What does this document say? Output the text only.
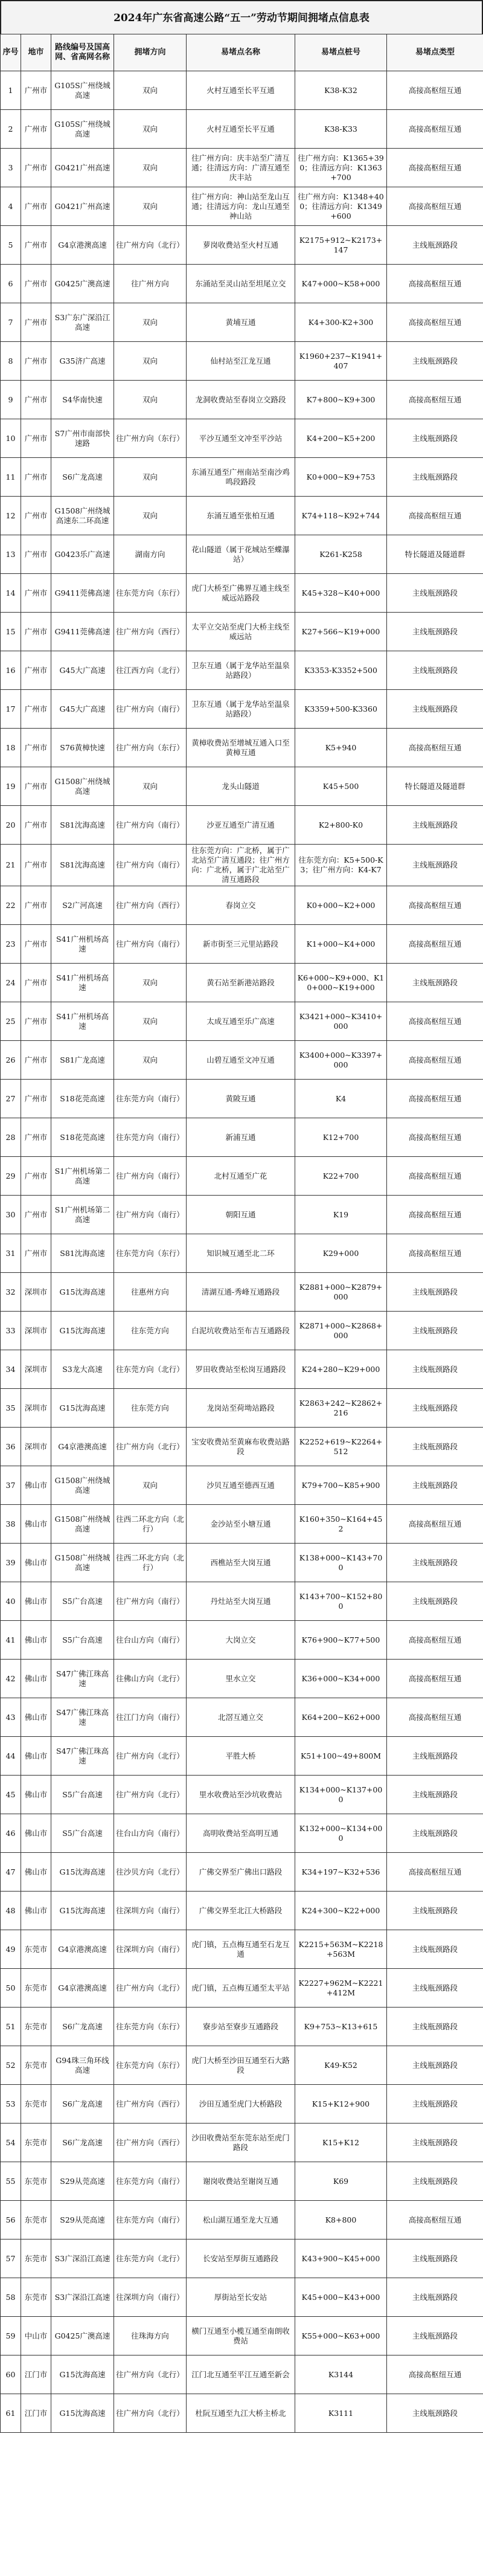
2024年广东省高速公路“五一”劳动节期间拥堵点信息表
序号	地市	路线编号及国高网、省高网名称	拥堵方向	易堵点名称	易堵点桩号	易堵点类型
1	广州市	G105S广州绕城高速	双向	火村互通至长平互通	K38-K32	高接高枢纽互通
2	广州市	G105S广州绕城高速	双向	火村互通至长平互通	K38-K33	高接高枢纽互通
3	广州市	G0421广州高速	双向	往广州方向：庆丰站至广清互通；往清远方向：广清互通至庆丰站	往广州方向：K1365+390；往清远方向：K1363+700	高接高枢纽互通
4	广州市	G0421广州高速	双向	往广州方向：神山站至龙山互通；往清远方向：龙山互通至神山站	往广州方向：K1348+400；往清远方向：K1349+600	高接高枢纽互通
5	广州市	G4京港澳高速	往广州方向（北行）	萝岗收费站至火村互通	K2175+912~K2173+147	主线瓶颈路段
6	广州市	G0425广澳高速	往广州方向	东涌站至灵山站至坦尾立交	K47+000~K58+000	高接高枢纽互通
7	广州市	S3广东广深沿江高速	双向	黄埔互通	K4+300-K2+300	高接高枢纽互通
8	广州市	G35济广高速	双向	仙村站至江龙互通	K1960+237~K1941+407	主线瓶颈路段
9	广州市	S4华南快速	双向	龙洞收费站至春岗立交路段	K7+800~K9+300	高接高枢纽互通
10	广州市	S7广州市南部快速路	往广州方向（东行）	平沙互通至文冲至平沙站	K4+200~K5+200	主线瓶颈路段
11	广州市	S6广龙高速	双向	东涌互通至广州南站至南沙鸡鸣段路段	K0+000~K9+753	主线瓶颈路段
12	广州市	G1508广州绕城高速东二环高速	双向	东涌互通至张柏互通	K74+118~K92+744	高接高枢纽互通
13	广州市	G0423乐广高速	湖南方向	花山隧道（属于花城站至蝶瀑站）	K261-K258	特长隧道及隧道群
14	广州市	G9411莞佛高速	往东莞方向（东行）	虎门大桥至广佛界互通主线至威远站路段	K45+328~K40+000	主线瓶颈路段
15	广州市	G9411莞佛高速	往广州方向（西行）	太平立交站至虎门大桥主线至威远站	K27+566~K19+000	主线瓶颈路段
16	广州市	G45大广高速	往江西方向（北行）	卫东互通（属于龙华站至温泉站路段）	K3353-K3352+500	主线瓶颈路段
17	广州市	G45大广高速	往广州方向（南行）	卫东互通（属于龙华站至温泉站路段）	K3359+500-K3360	主线瓶颈路段
18	广州市	S76黄樟快速	往广州方向（东行）	黄樟收费站至增城互通入口至黄樟互通	K5+940	高接高枢纽互通
19	广州市	G1508广州绕城高速	双向	龙头山隧道	K45+500	特长隧道及隧道群
20	广州市	S81沈海高速	往广州方向（南行）	沙亚互通至广清互通	K2+800-K0	主线瓶颈路段
21	广州市	S81沈海高速	往广州方向（南行）	往东莞方向：广北桥，属于广北站至广清互通段；往广州方向：广北桥，属于广北站至广清互通路段	往东莞方向：K5+500-K3；往广州方向：K4-K7	主线瓶颈路段
22	广州市	S2广河高速	往广州方向（西行）	春岗立交	K0+000~K2+000	高接高枢纽互通
23	广州市	S41广州机场高速	往广州方向（南行）	新市街至三元里站路段	K1+000~K4+000	高接高枢纽互通
24	广州市	S41广州机场高速	双向	黄石站至新港站路段	K6+000~K9+000、K10+000~K19+000	主线瓶颈路段
25	广州市	S41广州机场高速	双向	太成互通至乐广高速	K3421+000~K3410+000	高接高枢纽互通
26	广州市	S81广龙高速	双向	山碧互通至文冲互通	K3400+000~K3397+000	高接高枢纽互通
27	广州市	S18花莞高速	往东莞方向（南行）	黄陂互通	K4	高接高枢纽互通
28	广州市	S18花莞高速	往东莞方向（南行）	新浦互通	K12+700	高接高枢纽互通
29	广州市	S1广州机场第二高速	往广州方向（南行）	北村互通至广花	K22+700	高接高枢纽互通
30	广州市	S1广州机场第二高速	往广州方向（南行）	朝阳互通	K19	高接高枢纽互通
31	广州市	S81沈海高速	往东莞方向（东行）	知识城互通至北二环	K29+000	高接高枢纽互通
32	深圳市	G15沈海高速	往惠州方向	清湖互通-秀峰互通路段	K2881+000~K2879+000	主线瓶颈路段
33	深圳市	G15沈海高速	往东莞方向	白泥坑收费站至布吉互通路段	K2871+000~K2868+000	主线瓶颈路段
34	深圳市	S3龙大高速	往东莞方向（北行）	罗田收费站至松岗互通路段	K24+280~K29+000	主线瓶颈路段
35	深圳市	G15沈海高速	往东莞方向	龙岗站至荷坳站路段	K2863+242~K2862+216	主线瓶颈路段
36	深圳市	G4京港澳高速	往广州方向（北行）	宝安收费站至黄麻布收费站路段	K2252+619~K2264+512	主线瓶颈路段
37	佛山市	G1508广州绕城高速	双向	沙贝互通至德西互通	K79+700~K85+900	主线瓶颈路段
38	佛山市	G1508广州绕城高速	往西二环北方向（北行）	金沙站至小塘互通	K160+350~K164+452	高接高枢纽互通
39	佛山市	G1508广州绕城高速	往西二环北方向（北行）	西樵站至大岗互通	K138+000~K143+700	主线瓶颈路段
40	佛山市	S5广台高速	往广州方向（南行）	丹灶站至大岗互通	K143+700~K152+800	主线瓶颈路段
41	佛山市	S5广台高速	往台山方向（南行）	大岗立交	K76+900~K77+500	高接高枢纽互通
42	佛山市	S47广佛江珠高速	往佛山方向（北行）	里水立交	K36+000~K34+000	高接高枢纽互通
43	佛山市	S47广佛江珠高速	往江门方向（南行）	北滘互通立交	K64+200~K62+000	高接高枢纽互通
44	佛山市	S47广佛江珠高速	往广州方向（北行）	平胜大桥	K51+100~49+800M	主线瓶颈路段
45	佛山市	S5广台高速	往广州方向（北行）	里水收费站至沙坑收费站	K134+000~K137+000	主线瓶颈路段
46	佛山市	S5广台高速	往台山方向（南行）	高明收费站至高明互通	K132+000~K134+000	主线瓶颈路段
47	佛山市	G15沈海高速	往沙贝方向（北行）	广佛交界至广佛出口路段	K34+197~K32+536	高接高枢纽互通
48	佛山市	G15沈海高速	往深圳方向（南行）	广佛交界至北江大桥路段	K24+300~K22+000	主线瓶颈路段
49	东莞市	G4京港澳高速	往深圳方向（南行）	虎门镇，五点梅互通至石龙互通	K2215+563M~K2218+563M	主线瓶颈路段
50	东莞市	G4京港澳高速	往广州方向（北行）	虎门镇，五点梅互通至太平站	K2227+962M~K2221+412M	主线瓶颈路段
51	东莞市	S6广龙高速	往东莞方向（东行）	寮步站至寮步互通路段	K9+753~K13+615	主线瓶颈路段
52	东莞市	G94珠三角环线高速	往东莞方向（东行）	虎门大桥至沙田互通至石大路段	K49-K52	主线瓶颈路段
53	东莞市	S6广龙高速	往广州方向（西行）	沙田互通至虎门大桥路段	K15+K12+900	主线瓶颈路段
54	东莞市	S6广龙高速	往广州方向（西行）	沙田收费站至东莞东站至虎门路段	K15+K12	主线瓶颈路段
55	东莞市	S29从莞高速	往东莞方向（南行）	谢岗收费站至谢岗互通	K69	主线瓶颈路段
56	东莞市	S29从莞高速	往东莞方向（南行）	松山湖互通至龙大互通	K8+800	高接高枢纽互通
57	东莞市	S3广深沿江高速	往东莞方向（北行）	长安站至厚街互通路段	K43+900~K45+000	主线瓶颈路段
58	东莞市	S3广深沿江高速	往深圳方向（南行）	厚街站至长安站	K45+000~K43+000	主线瓶颈路段
59	中山市	G0425广澳高速	往珠海方向	横门互通至小榄互通至南朗收费站	K55+000~K63+000	主线瓶颈路段
60	江门市	G15沈海高速	往广州方向（北行）	江门北互通至平江互通至新会	K3144	高接高枢纽互通
61	江门市	G15沈海高速	往广州方向（北行）	杜阮互通至九江大桥主桥北	K3111	主线瓶颈路段
